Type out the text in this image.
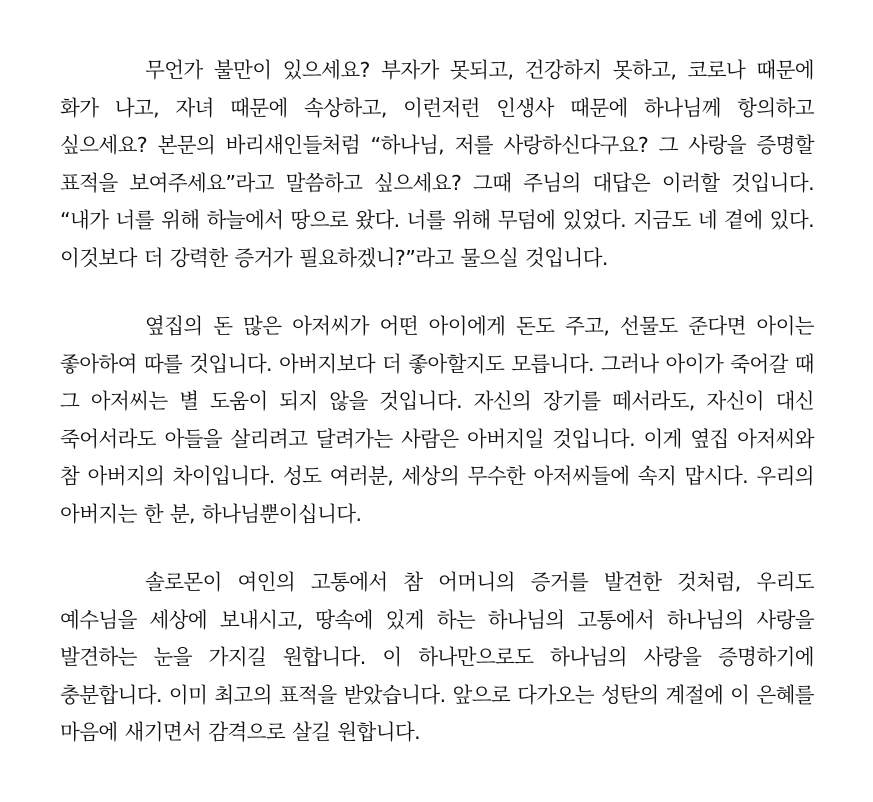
무언가 불만이 있으세요? 부자가 못되고, 건강하지 못하고, 코로나 때문에 화가 나고, 자녀 때문에 속상하고, 이런저런 인생사 때문에 하나님께 항의하고 싶으세요? 본문의 바리새인들처럼 “하나님, 저를 사랑하신다구요? 그 사랑을 증명할 표적을 보여주세요”라고 말씀하고 싶으세요? 그때 주님의 대답은 이러할 것입니다. “내가 너를 위해 하늘에서 땅으로 왔다. 너를 위해 무덤에 있었다. 지금도 네 곁에 있다. 이것보다 더 강력한 증거가 필요하겠니?”라고 물으실 것입니다.

옆집의 돈 많은 아저씨가 어떤 아이에게 돈도 주고, 선물도 준다면 아이는 좋아하여 따를 것입니다. 아버지보다 더 좋아할지도 모릅니다. 그러나 아이가 죽어갈 때 그 아저씨는 별 도움이 되지 않을 것입니다. 자신의 장기를 떼서라도, 자신이 대신 죽어서라도 아들을 살리려고 달려가는 사람은 아버지일 것입니다. 이게 옆집 아저씨와 참 아버지의 차이입니다. 성도 여러분, 세상의 무수한 아저씨들에 속지 맙시다. 우리의 아버지는 한 분, 하나님뿐이십니다.

솔로몬이 여인의 고통에서 참 어머니의 증거를 발견한 것처럼, 우리도 예수님을 세상에 보내시고, 땅속에 있게 하는 하나님의 고통에서 하나님의 사랑을 발견하는 눈을 가지길 원합니다. 이 하나만으로도 하나님의 사랑을 증명하기에 충분합니다. 이미 최고의 표적을 받았습니다. 앞으로 다가오는 성탄의 계절에 이 은혜를 마음에 새기면서 감격으로 살길 원합니다.
